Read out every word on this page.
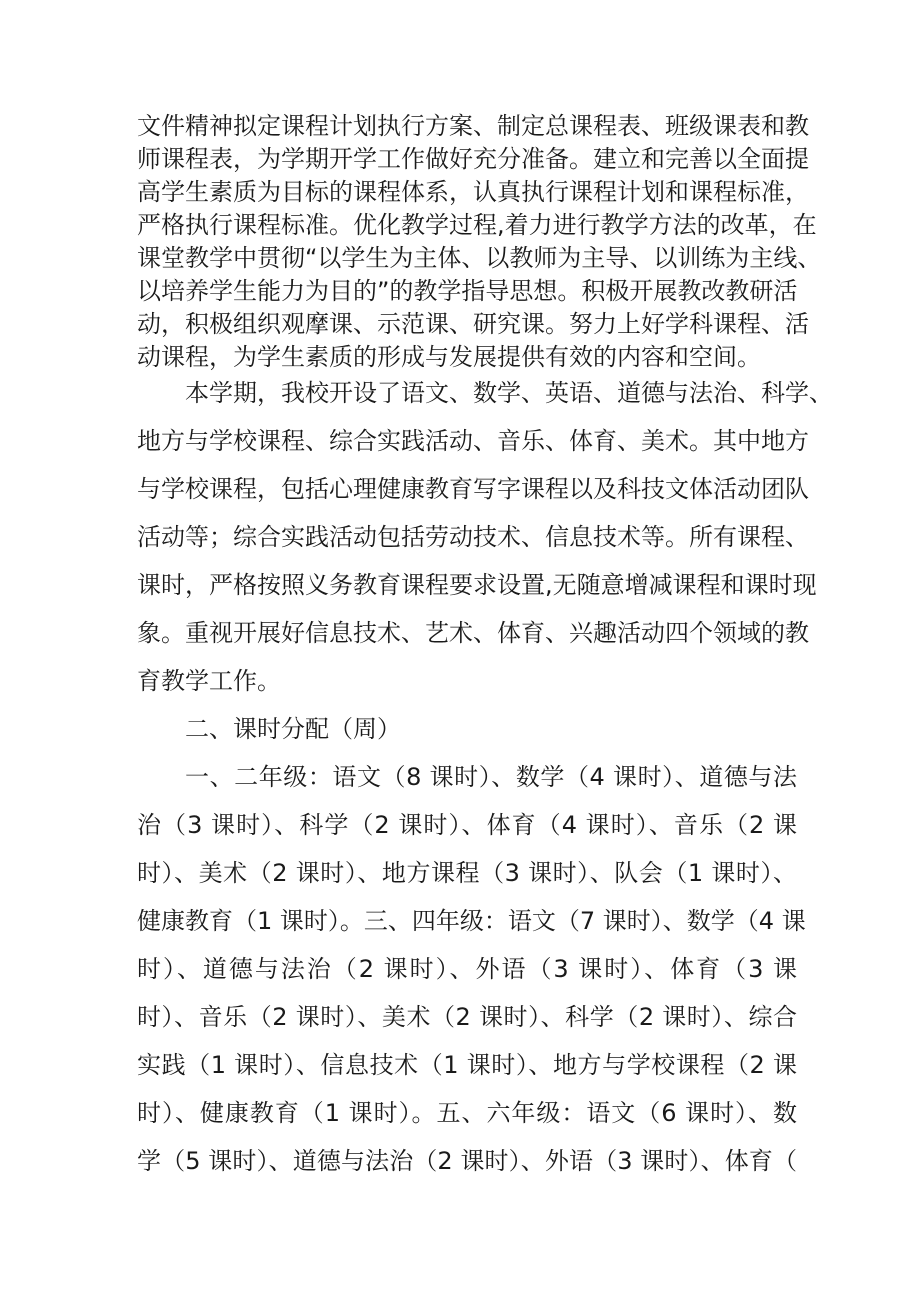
文件精神拟定课程计划执行方案、制定总课程表、班级课表和教
师课程表，为学期开学工作做好充分准备。建立和完善以全面提
高学生素质为目标的课程体系，认真执行课程计划和课程标准，
严格执行课程标准。优化教学过程,着力进行教学方法的改革，在
课堂教学中贯彻“以学生为主体、以教师为主导、以训练为主线、
以培养学生能力为目的”的教学指导思想。积极开展教改教研活
动，积极组织观摩课、示范课、研究课。努力上好学科课程、活
动课程，为学生素质的形成与发展提供有效的内容和空间。
本学期，我校开设了语文、数学、英语、道德与法治、科学、
地方与学校课程、综合实践活动、音乐、体育、美术。其中地方
与学校课程，包括心理健康教育写字课程以及科技文体活动团队
活动等；综合实践活动包括劳动技术、信息技术等。所有课程、
课时，严格按照义务教育课程要求设置,无随意增减课程和课时现
象。重视开展好信息技术、艺术、体育、兴趣活动四个领域的教
育教学工作。
二、课时分配（周）
一、二年级：语文（8 课时）、数学（4 课时）、道德与法
治（3 课时）、科学（2 课时）、体育（4 课时）、音乐（2 课
时）、美术（2 课时）、地方课程（3 课时）、队会（1 课时）、
健康教育（1 课时）。三、四年级：语文（7 课时）、数学（4 课
时）、道德与法治（2 课时）、外语（3 课时）、体育（3 课
时）、音乐（2 课时）、美术（2 课时）、科学（2 课时）、综合
实践（1 课时）、信息技术（1 课时）、地方与学校课程（2 课
时）、健康教育（1 课时）。五、六年级：语文（6 课时）、数
学（5 课时）、道德与法治（2 课时）、外语（3 课时）、体育（
